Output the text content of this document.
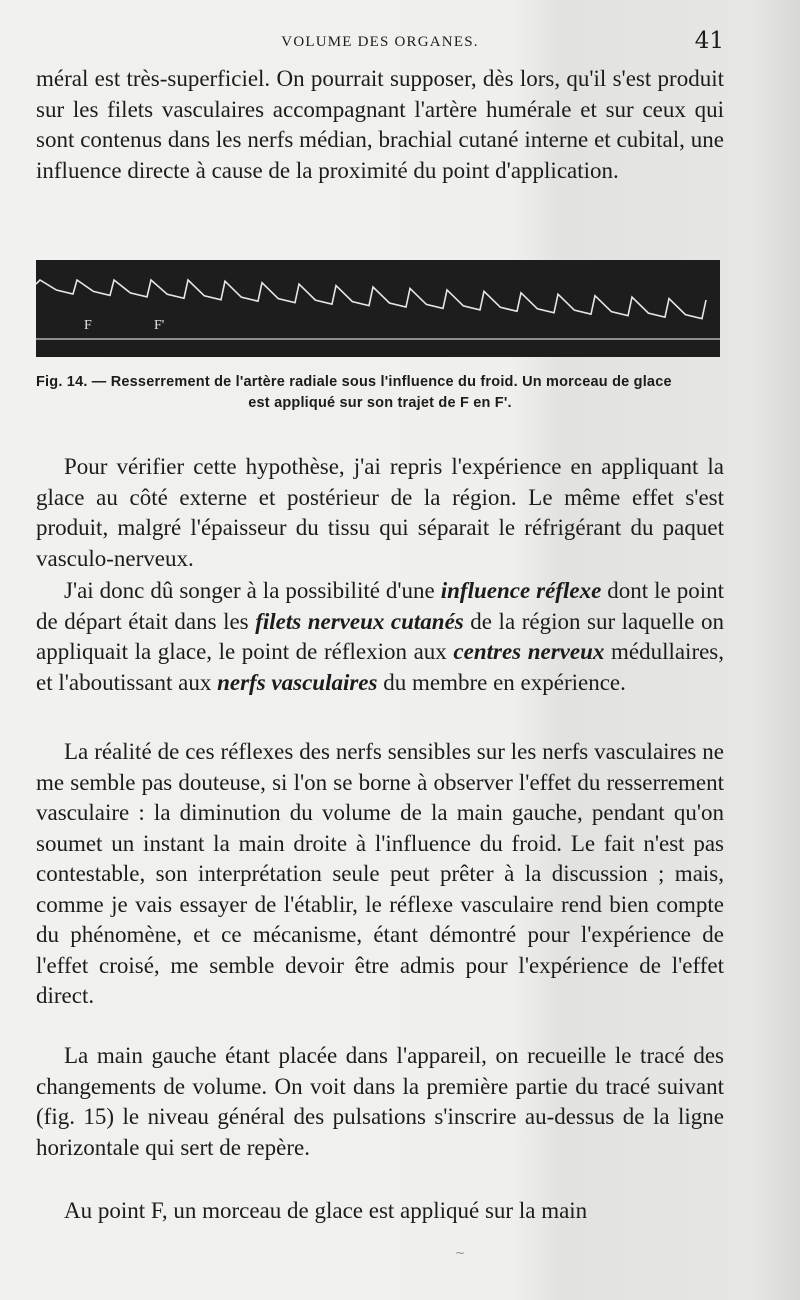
VOLUME DES ORGANES.	41

méral est très-superficiel. On pourrait supposer, dès lors, qu'il s'est produit sur les filets vasculaires accompagnant l'artère humérale et sur ceux qui sont contenus dans les nerfs médian, brachial cutané interne et cubital, une influence directe à cause de la proximité du point d'application.

F	F'
Fig. 14. — Resserrement de l'artère radiale sous l'influence du froid. Un morceau de glace
est appliqué sur son trajet de F en F'.

Pour vérifier cette hypothèse, j'ai repris l'expérience en appliquant la glace au côté externe et postérieur de la région. Le même effet s'est produit, malgré l'épaisseur du tissu qui séparait le réfrigérant du paquet vasculo-nerveux.

J'ai donc dû songer à la possibilité d'une influence réflexe dont le point de départ était dans les filets nerveux cutanés de la région sur laquelle on appliquait la glace, le point de réflexion aux centres nerveux médullaires, et l'aboutissant aux nerfs vasculaires du membre en expérience.

La réalité de ces réflexes des nerfs sensibles sur les nerfs vasculaires ne me semble pas douteuse, si l'on se borne à observer l'effet du resserrement vasculaire : la diminution du volume de la main gauche, pendant qu'on soumet un instant la main droite à l'influence du froid. Le fait n'est pas contestable, son interprétation seule peut prêter à la discussion ; mais, comme je vais essayer de l'établir, le réflexe vasculaire rend bien compte du phénomène, et ce mécanisme, étant démontré pour l'expérience de l'effet croisé, me semble devoir être admis pour l'expérience de l'effet direct.

La main gauche étant placée dans l'appareil, on recueille le tracé des changements de volume. On voit dans la première partie du tracé suivant (fig. 15) le niveau général des pulsations s'inscrire au-dessus de la ligne horizontale qui sert de repère.

Au point F, un morceau de glace est appliqué sur la main

~
